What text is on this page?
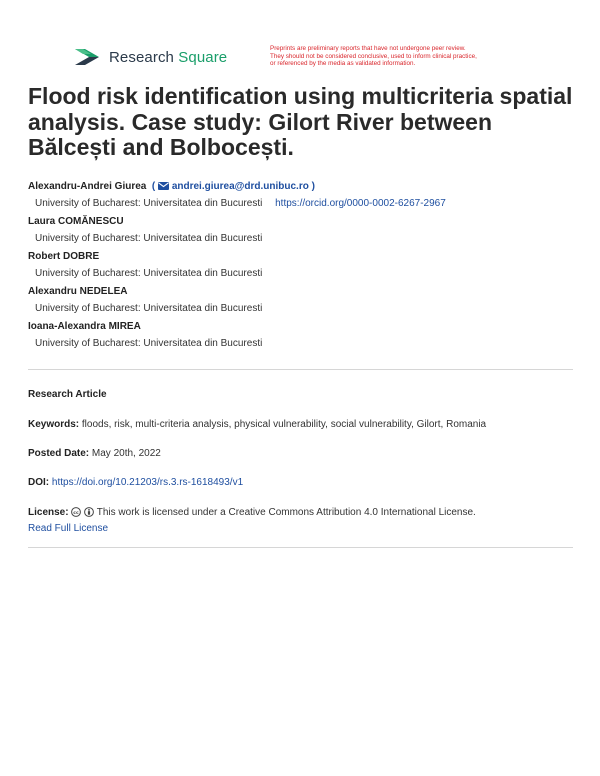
Research Square	Preprints are preliminary reports that have not undergone peer review.
They should not be considered conclusive, used to inform clinical practice,
or referenced by the media as validated information.
Flood risk identification using multicriteria spatial analysis. Case study: Gilort River between Bălcești and Bolbocești.
Alexandru-Andrei Giurea ( andrei.giurea@drd.unibuc.ro )
University of Bucharest: Universitatea din Bucuresti https://orcid.org/0000-0002-6267-2967
Laura COMĂNESCU
University of Bucharest: Universitatea din Bucuresti
Robert DOBRE
University of Bucharest: Universitatea din Bucuresti
Alexandru NEDELEA
University of Bucharest: Universitatea din Bucuresti
Ioana-Alexandra MIREA
University of Bucharest: Universitatea din Bucuresti
Research Article
Keywords: floods, risk, multi-criteria analysis, physical vulnerability, social vulnerability, Gilort, Romania
Posted Date: May 20th, 2022
DOI: https://doi.org/10.21203/rs.3.rs-1618493/v1
License: cc This work is licensed under a Creative Commons Attribution 4.0 International License.
Read Full License
